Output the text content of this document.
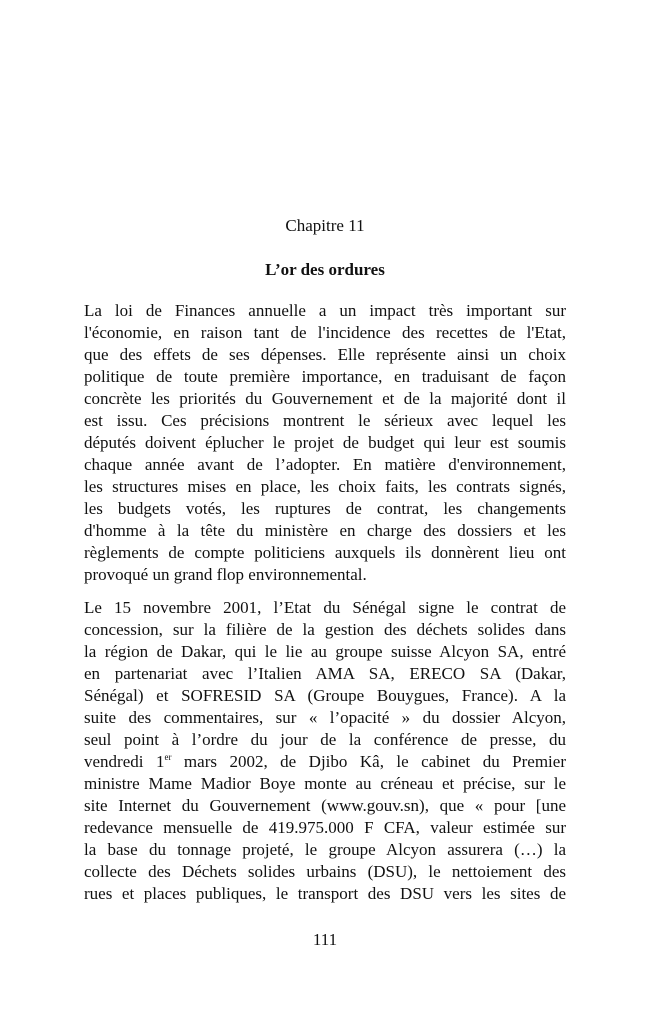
Chapitre 11
L’or des ordures
La loi de Finances annuelle a un impact très important sur
l'économie, en raison tant de l'incidence des recettes de l'Etat,
que des effets de ses dépenses. Elle représente ainsi un choix
politique de toute première importance, en traduisant de façon
concrète les priorités du Gouvernement et de la majorité dont il
est issu. Ces précisions montrent le sérieux avec lequel les
députés doivent éplucher le projet de budget qui leur est soumis
chaque année avant de l’adopter. En matière d'environnement,
les structures mises en place, les choix faits, les contrats signés,
les budgets votés, les ruptures de contrat, les changements
d'homme à la tête du ministère en charge des dossiers et les
règlements de compte politiciens auxquels ils donnèrent lieu ont
provoqué un grand flop environnemental.
Le 15 novembre 2001, l’Etat du Sénégal signe le contrat de
concession, sur la filière de la gestion des déchets solides dans
la région de Dakar, qui le lie au groupe suisse Alcyon SA, entré
en partenariat avec l’Italien AMA SA, ERECO SA (Dakar,
Sénégal) et SOFRESID SA (Groupe Bouygues, France). A la
suite des commentaires, sur « l’opacité » du dossier Alcyon,
seul point à l’ordre du jour de la conférence de presse, du
vendredi 1er mars 2002, de Djibo Kâ, le cabinet du Premier
ministre Mame Madior Boye monte au créneau et précise, sur le
site Internet du Gouvernement (www.gouv.sn), que « pour [une
redevance mensuelle de 419.975.000 F CFA, valeur estimée sur
la base du tonnage projeté, le groupe Alcyon assurera (…) la
collecte des Déchets solides urbains (DSU), le nettoiement des
rues et places publiques, le transport des DSU vers les sites de
111
